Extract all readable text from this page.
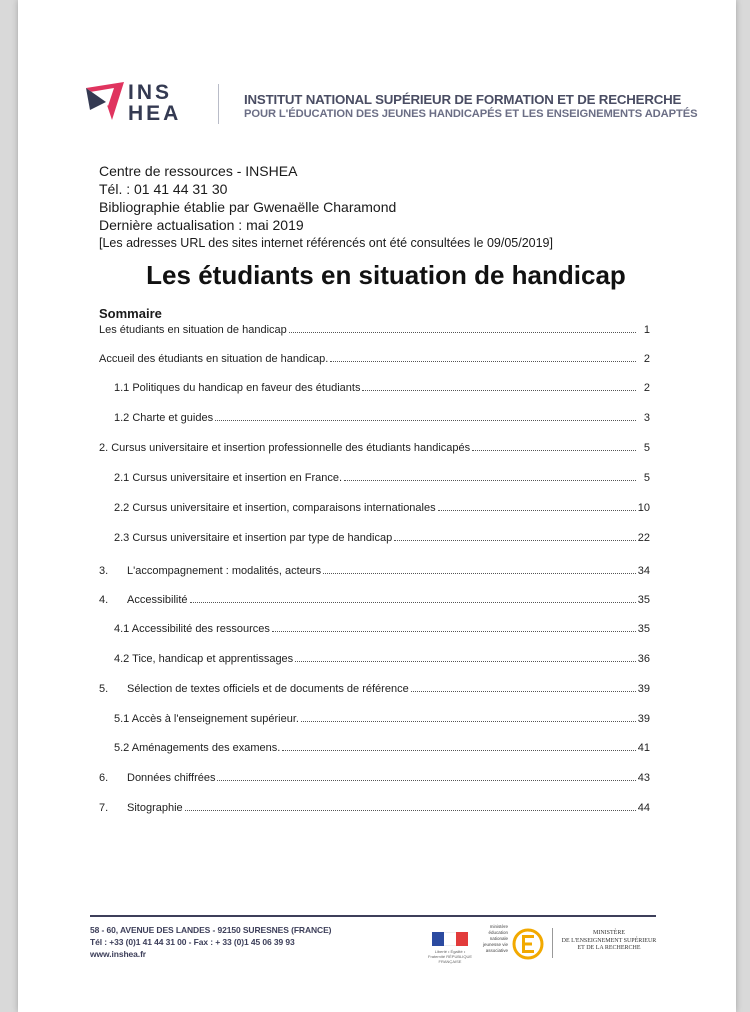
INS
HEA
INSTITUT NATIONAL SUPÉRIEUR DE FORMATION ET DE RECHERCHE
POUR L'ÉDUCATION DES JEUNES HANDICAPÉS ET LES ENSEIGNEMENTS ADAPTÉS
Centre de ressources - INSHEA
Tél. : 01 41 44 31 30
Bibliographie établie par Gwenaëlle Charamond
Dernière actualisation : mai 2019
[Les adresses URL des sites internet référencés ont été consultées le 09/05/2019]
Les étudiants en situation de handicap
Sommaire
Les étudiants en situation de handicap	1
Accueil des étudiants en situation de handicap.	2
1.1 Politiques du handicap en faveur des étudiants	2
1.2 Charte et guides	3
2. Cursus universitaire et insertion professionnelle des étudiants handicapés	5
2.1 Cursus universitaire et insertion en France.	5
2.2 Cursus universitaire et insertion, comparaisons internationales	10
2.3 Cursus universitaire et insertion par type de handicap	22
3.	L'accompagnement : modalités, acteurs	34
4.	Accessibilité	35
4.1 Accessibilité des ressources	35
4.2 Tice, handicap et apprentissages	36
5.	Sélection de textes officiels et de documents de référence	39
5.1 Accès à l'enseignement supérieur.	39
5.2 Aménagements des examens.	41
6.	Données chiffrées	43
7.	Sitographie	44
58 - 60, AVENUE DES LANDES - 92150 SURESNES (FRANCE)
Tél : +33 (0)1 41 44 31 00 - Fax : + 33 (0)1 45 06 39 93
www.inshea.fr	Liberté • Égalité • Fraternité RÉPUBLIQUE FRANÇAISE
ministère éducation nationale jeunesse vie associative
MINISTÈRE
DE L'ENSEIGNEMENT SUPÉRIEUR
ET DE LA RECHERCHE
